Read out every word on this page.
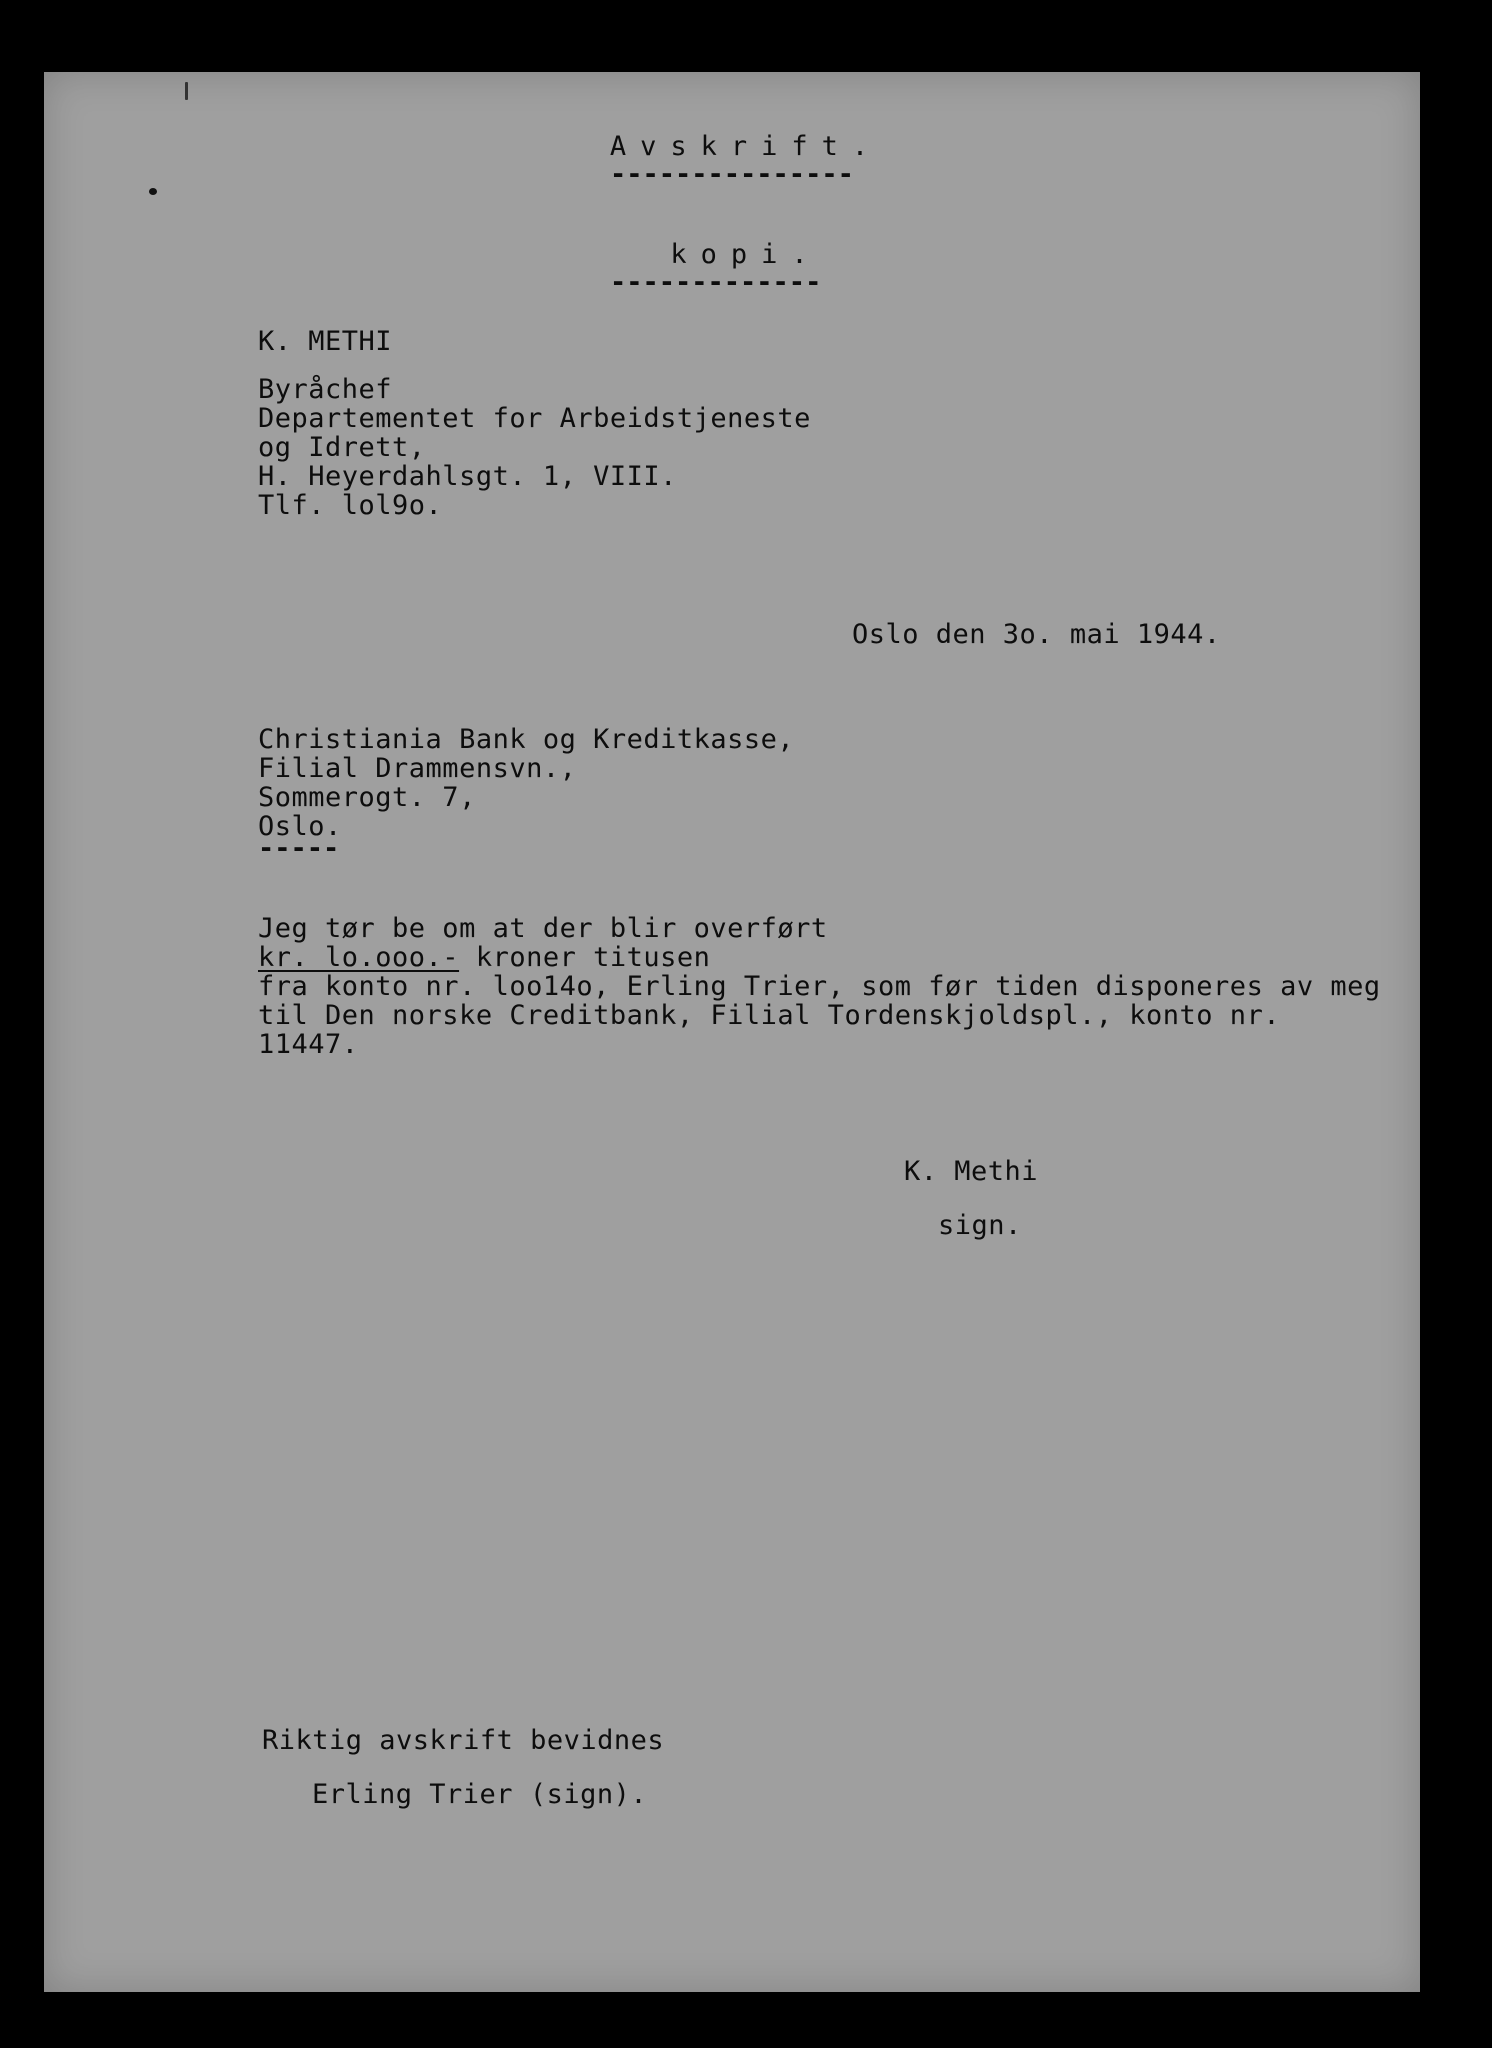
Avskrift.
---------------
kopi.
-------------
K. METHI
Byråchef
Departementet for Arbeidstjeneste
og Idrett,
H. Heyerdahlsgt. 1, VIII.
Tlf. lol9o.
Oslo den 3o. mai 1944.
Christiania Bank og Kreditkasse,
Filial Drammensvn.,
Sommerogt. 7,
Oslo.
-----
Jeg tør be om at der blir overført
kr. lo.ooo.- kroner titusen
fra konto nr. loo14o, Erling Trier, som før tiden disponeres av meg
til Den norske Creditbank, Filial Tordenskjoldspl., konto nr.
11447.
K. Methi
sign.
Riktig avskrift bevidnes
Erling Trier (sign).
